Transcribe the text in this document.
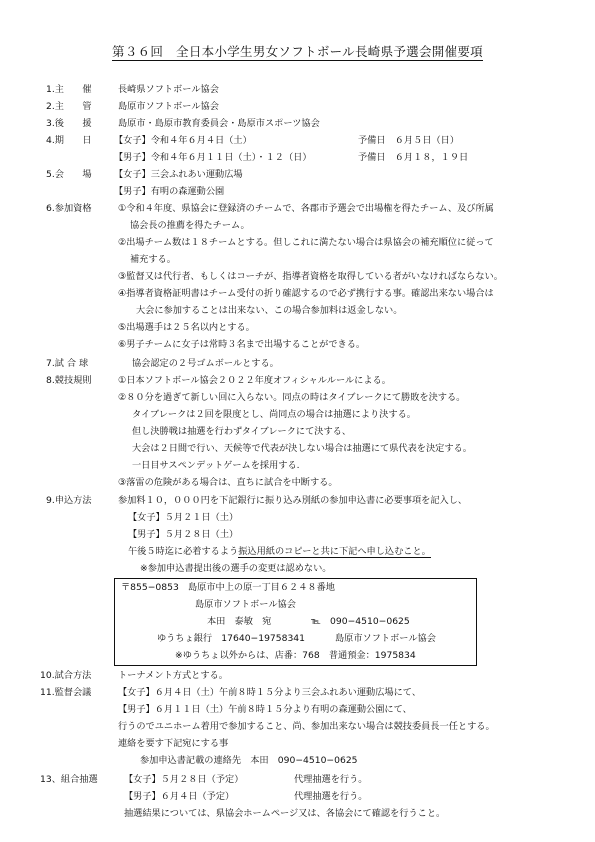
第３６回　全日本小学生男女ソフトボール長崎県予選会開催要項
1.主　　催	長崎県ソフトボール協会
2.主　　管	島原市ソフトボール協会
3.後　　援	島原市・島原市教育委員会・島原市スポーツ協会
4.期　　日 【女子】令和４年６月４日（土）	予備日　６月５日（日）
【男子】令和４年６月１１日（土）・１２（日）	予備日　６月１８，１９日
5.会　　場 【女子】三会ふれあい運動広場
【男子】有明の森運動公園
6.参加資格	①令和４年度、県協会に登録済のチームで、各郡市予選会で出場権を得たチーム、及び所属
協会長の推薦を得たチーム。
②出場チーム数は１８チームとする。但しこれに満たない場合は県協会の補充順位に従って
補充する。
③監督又は代行者、もしくはコーチが、指導者資格を取得している者がいなければならない。
④指導者資格証明書はチーム受付の折り確認するので必ず携行する事。確認出来ない場合は
大会に参加することは出来ない、この場合参加料は返金しない。
⑤出場選手は２５名以内とする。
⑥男子チームに女子は常時３名まで出場することができる。
7.試 合 球	協会認定の２号ゴムボールとする。
8.競技規則	①日本ソフトボール協会２０２２年度オフィシャルルールによる。
②８０分を過ぎて新しい回に入らない。同点の時はタイブレークにて勝敗を決する。
タイブレークは２回を限度とし、尚同点の場合は抽選により決する。
但し決勝戦は抽選を行わずタイブレークにて決する、
大会は２日間で行い、天候等で代表が決しない場合は抽選にて県代表を決定する。
一日目サスペンデットゲームを採用する.
③落雷の危険がある場合は、直ちに試合を中断する。
9.申込方法	参加料１０，０００円を下記銀行に振り込み別紙の参加申込書に必要事項を記入し、
【女子】５月２１日（土）
【男子】５月２８日（土）
午後５時迄に必着するよう振込用紙のコピーと共に下記へ申し込むこと。
※参加申込書提出後の選手の変更は認めない。
〒855−0853　島原市中上の原一丁目６２４８番地
島原市ソフトボール協会
本田　泰敏　宛	℡　090−4510−0625
ゆうちょ銀行　17640−19758341	島原市ソフトボール協会
※ゆうちょ以外からは、店番：768　普通預金：1975834
10.試合方法	トーナメント方式とする。
11.監督会議	【女子】６月４日（土）午前８時１５分より三会ふれあい運動広場にて、
【男子】６月１１日（土）午前８時１５分より有明の森運動公園にて、
行うのでユニホーム着用で参加すること、尚、参加出来ない場合は競技委員長一任とする。
連絡を要す下記宛にする事
参加申込書記載の連絡先　本田　090−4510−0625
13、組合抽選	【女子】５月２８日（予定）	代理抽選を行う。
【男子】６月４日（予定）	代理抽選を行う。
抽選結果については、県協会ホームページ又は、各協会にて確認を行うこと。
